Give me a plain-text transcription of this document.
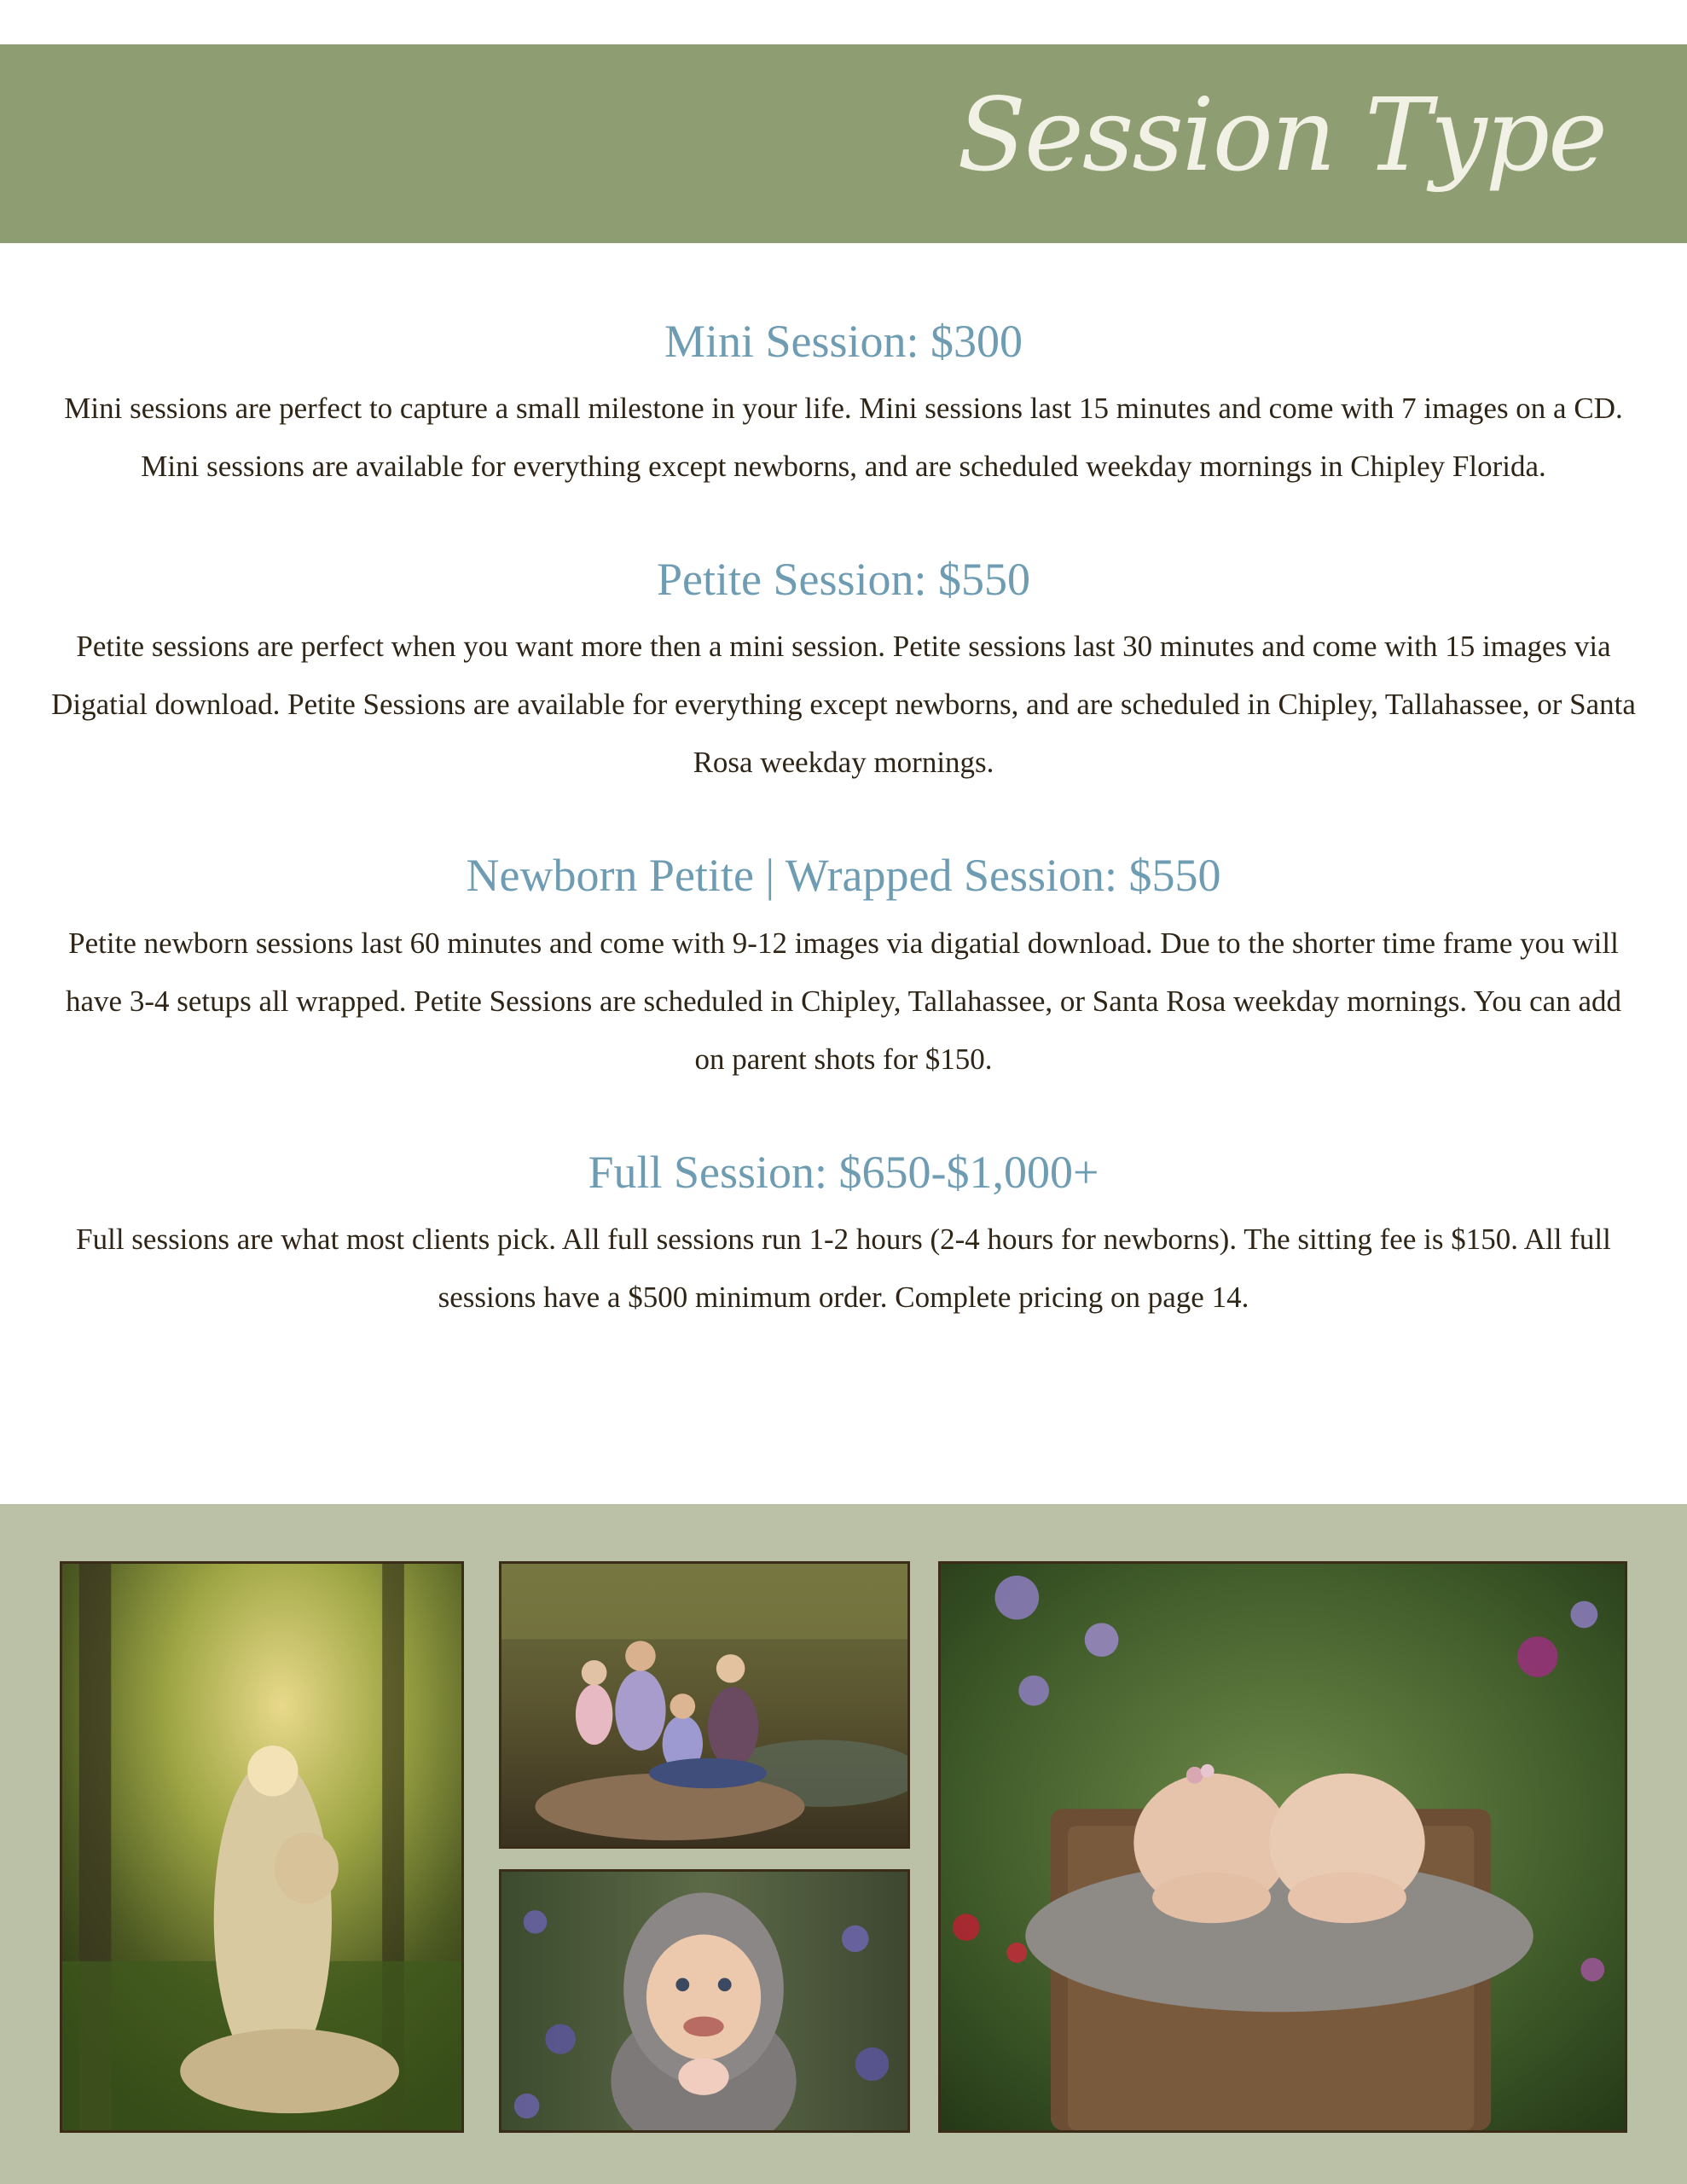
Session Type
Mini Session: $300

Mini sessions are perfect to capture a small milestone in your life. Mini sessions last 15 minutes and come with 7 images on a CD. Mini sessions are available for everything except newborns, and are scheduled weekday mornings in Chipley Florida.

Petite Session: $550

Petite sessions are perfect when you want more then a mini session. Petite sessions last 30 minutes and come with 15 images via Digatial download. Petite Sessions are available for everything except newborns, and are scheduled in Chipley, Tallahassee, or Santa Rosa weekday mornings.

Newborn Petite | Wrapped Session: $550

Petite newborn sessions last 60 minutes and come with 9-12 images via digatial download. Due to the shorter time frame you will have 3-4 setups all wrapped. Petite Sessions are scheduled in Chipley, Tallahassee, or Santa Rosa weekday mornings. You can add on parent shots for $150.

Full Session: $650-$1,000+

Full sessions are what most clients pick. All full sessions run 1-2 hours (2-4 hours for newborns). The sitting fee is $150. All full sessions have a $500 minimum order. Complete pricing on page 14.
